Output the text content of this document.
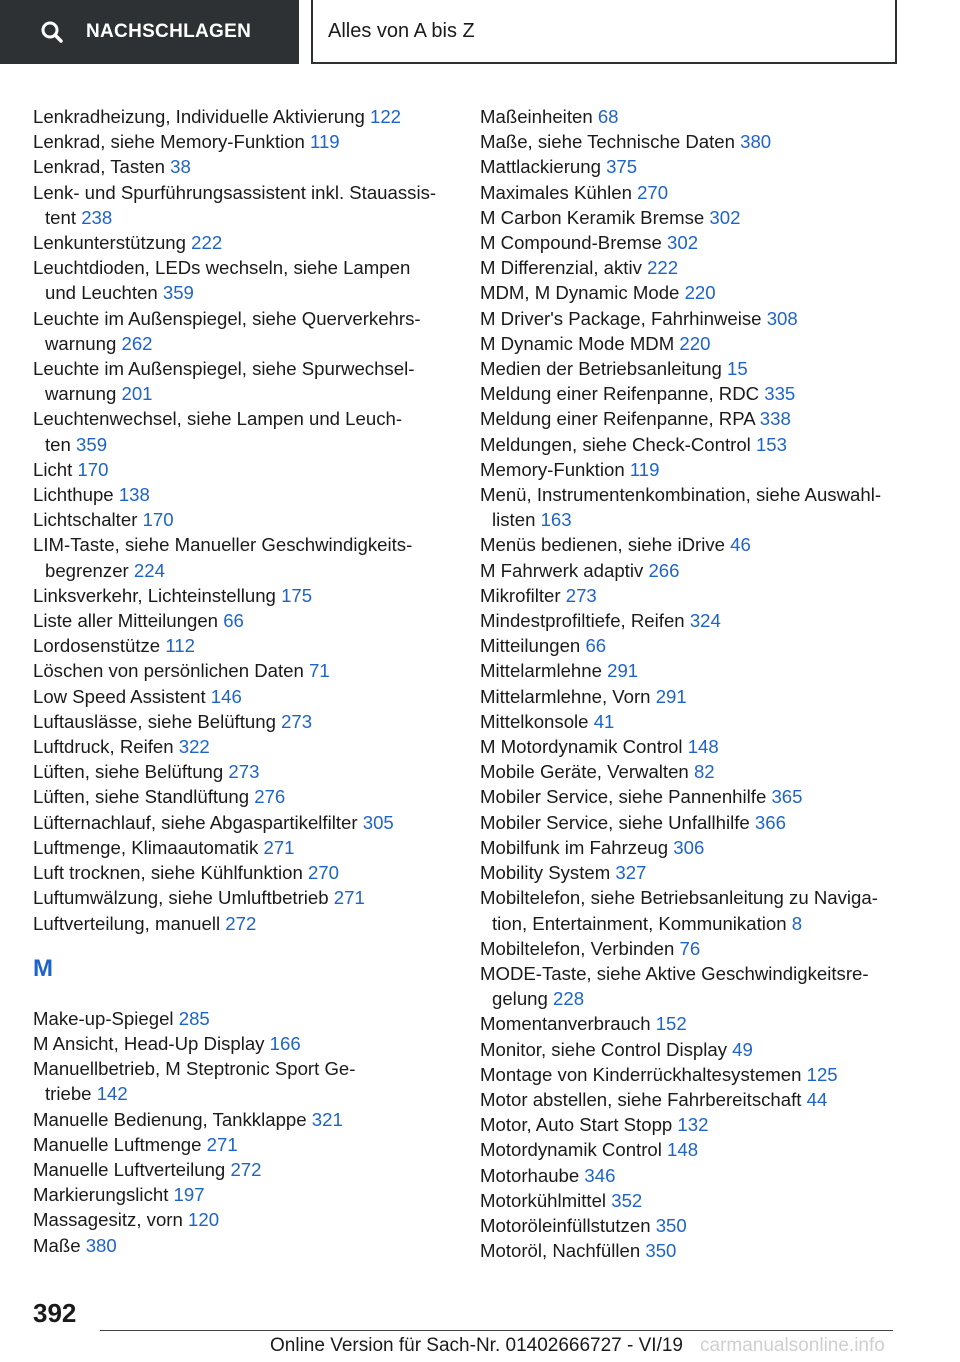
NACHSCHLAGEN	Alles von A bis Z

Lenkradheizung, Individuelle Aktivierung 122

Lenkrad, siehe Memory-Funktion 119

Lenkrad, Tasten 38

Lenk- und Spurführungsassistent inkl. Stauassis-
tent 238

Lenkunterstützung 222

Leuchtdioden, LEDs wechseln, siehe Lampen
und Leuchten 359

Leuchte im Außenspiegel, siehe Querverkehrs-
warnung 262

Leuchte im Außenspiegel, siehe Spurwechsel-
warnung 201

Leuchtenwechsel, siehe Lampen und Leuch-
ten 359

Licht 170

Lichthupe 138

Lichtschalter 170

LIM-Taste, siehe Manueller Geschwindigkeits-
begrenzer 224

Linksverkehr, Lichteinstellung 175

Liste aller Mitteilungen 66

Lordosenstütze 112

Löschen von persönlichen Daten 71

Low Speed Assistent 146

Luftauslässe, siehe Belüftung 273

Luftdruck, Reifen 322

Lüften, siehe Belüftung 273

Lüften, siehe Standlüftung 276

Lüfternachlauf, siehe Abgaspartikelfilter 305

Luftmenge, Klimaautomatik 271

Luft trocknen, siehe Kühlfunktion 270

Luftumwälzung, siehe Umluftbetrieb 271

Luftverteilung, manuell 272

M

Make-up-Spiegel 285

M Ansicht, Head-Up Display 166

Manuellbetrieb, M Steptronic Sport Ge-
triebe 142

Manuelle Bedienung, Tankklappe 321

Manuelle Luftmenge 271

Manuelle Luftverteilung 272

Markierungslicht 197

Massagesitz, vorn 120

Maße 380

Maßeinheiten 68

Maße, siehe Technische Daten 380

Mattlackierung 375

Maximales Kühlen 270

M Carbon Keramik Bremse 302

M Compound-Bremse 302

M Differenzial, aktiv 222

MDM, M Dynamic Mode 220

M Driver's Package, Fahrhinweise 308

M Dynamic Mode MDM 220

Medien der Betriebsanleitung 15

Meldung einer Reifenpanne, RDC 335

Meldung einer Reifenpanne, RPA 338

Meldungen, siehe Check-Control 153

Memory-Funktion 119

Menü, Instrumentenkombination, siehe Auswahl-
listen 163

Menüs bedienen, siehe iDrive 46

M Fahrwerk adaptiv 266

Mikrofilter 273

Mindestprofiltiefe, Reifen 324

Mitteilungen 66

Mittelarmlehne 291

Mittelarmlehne, Vorn 291

Mittelkonsole 41

M Motordynamik Control 148

Mobile Geräte, Verwalten 82

Mobiler Service, siehe Pannenhilfe 365

Mobiler Service, siehe Unfallhilfe 366

Mobilfunk im Fahrzeug 306

Mobility System 327

Mobiltelefon, siehe Betriebsanleitung zu Naviga-
tion, Entertainment, Kommunikation 8

Mobiltelefon, Verbinden 76

MODE-Taste, siehe Aktive Geschwindigkeitsre-
gelung 228

Momentanverbrauch 152

Monitor, siehe Control Display 49

Montage von Kinderrückhaltesystemen 125

Motor abstellen, siehe Fahrbereitschaft 44

Motor, Auto Start Stopp 132

Motordynamik Control 148

Motorhaube 346

Motorkühlmittel 352

Motoröleinfüllstutzen 350

Motoröl, Nachfüllen 350

392
Online Version für Sach-Nr. 01402666727 - VI/19 carmanualsonline.info
